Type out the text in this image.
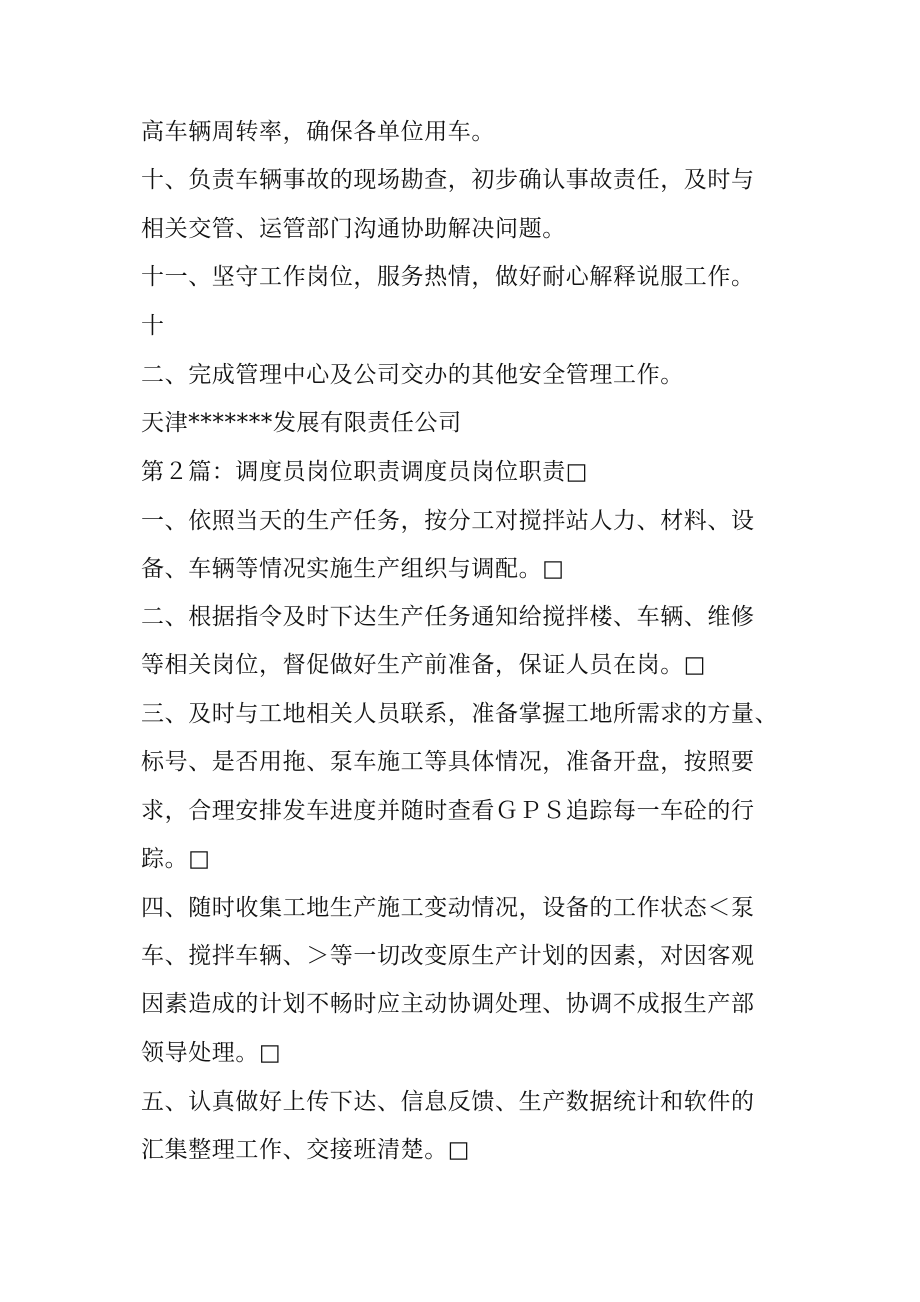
高车辆周转率，确保各单位用车。
十、负责车辆事故的现场勘查，初步确认事故责任，及时与
相关交管、运管部门沟通协助解决问题。
十一、坚守工作岗位，服务热情，做好耐心解释说服工作。
十
二、完成管理中心及公司交办的其他安全管理工作。
天津*******发展有限责任公司
第２篇：调度员岗位职责调度员岗位职责□
一、依照当天的生产任务，按分工对搅拌站人力、材料、设
备、车辆等情况实施生产组织与调配。□
二、根据指令及时下达生产任务通知给搅拌楼、车辆、维修
等相关岗位，督促做好生产前准备，保证人员在岗。□
三、及时与工地相关人员联系，准备掌握工地所需求的方量、
标号、是否用拖、泵车施工等具体情况，准备开盘，按照要
求，合理安排发车进度并随时查看ＧＰＳ追踪每一车砼的行
踪。□
四、随时收集工地生产施工变动情况，设备的工作状态＜泵
车、搅拌车辆、＞等一切改变原生产计划的因素，对因客观
因素造成的计划不畅时应主动协调处理、协调不成报生产部
领导处理。□
五、认真做好上传下达、信息反馈、生产数据统计和软件的
汇集整理工作、交接班清楚。□
